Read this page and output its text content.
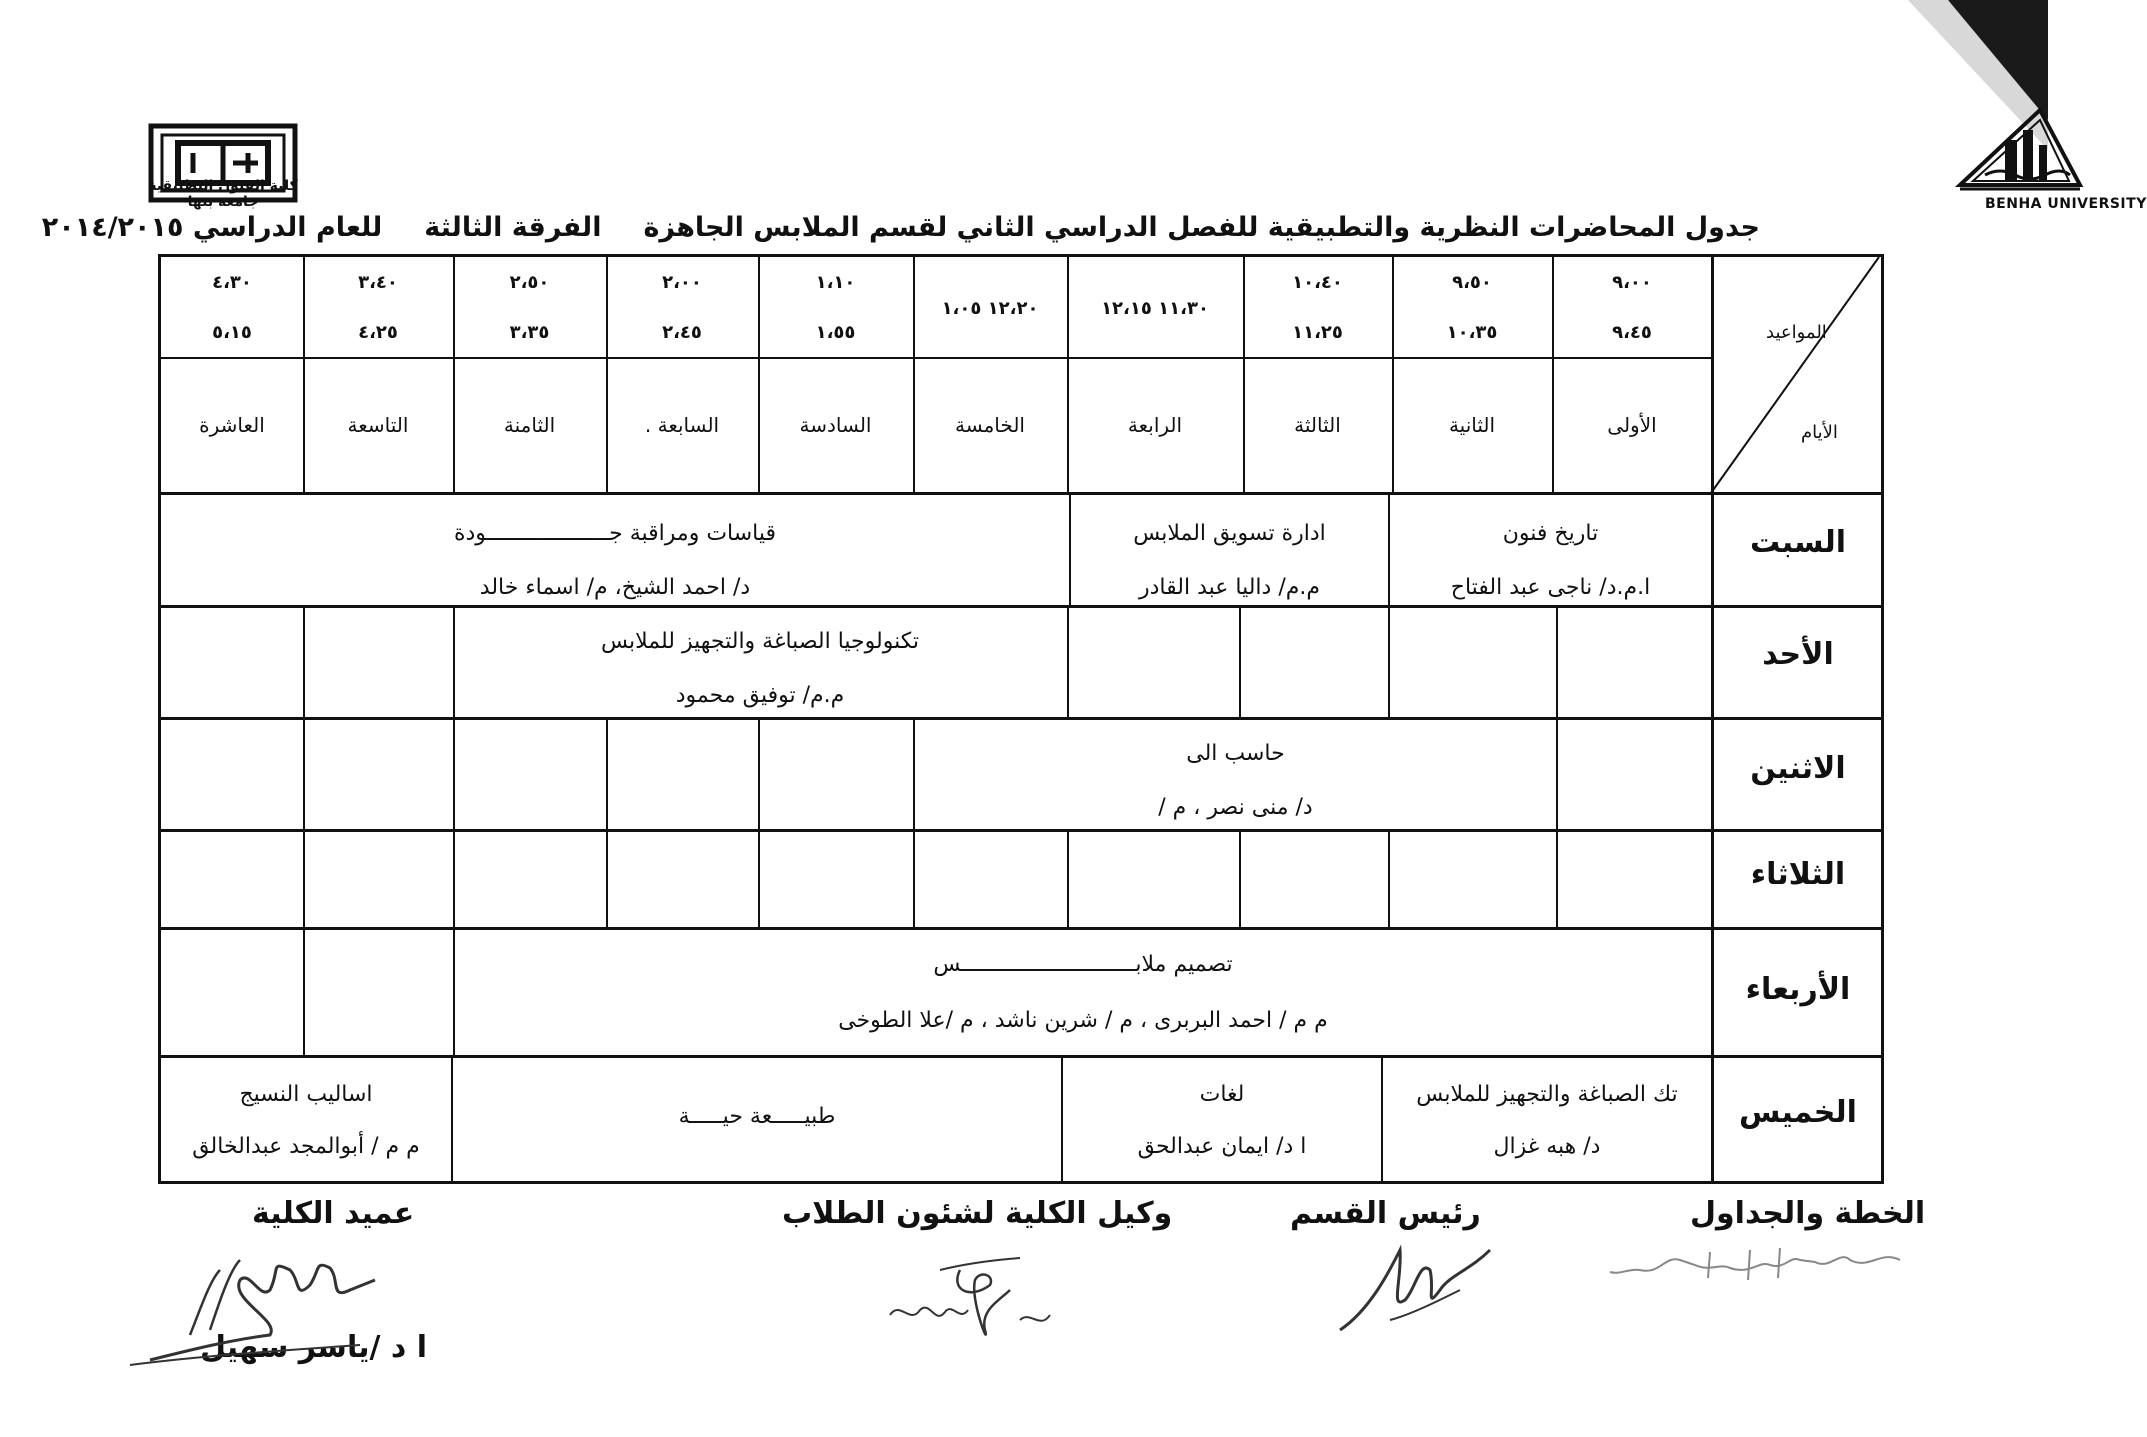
كلية الفنون التطبيقية
جامعة بنها	BENHA UNIVERSITY
جدول المحاضرات النظرية والتطبيقية للفصل الدراسي الثاني لقسم الملابس الجاهزةالفرقة الثالثةللعام الدراسي ٢٠١٤/٢٠١٥
المواعيد
الأيام
٩،٠٠
٩،٤٥
الأولى
٩،٥٠
١٠،٣٥
الثانية
١٠،٤٠
١١،٢٥
الثالثة
١١،٣٠ ١٢،١٥
الرابعة
١٢،٢٠ ١،٠٥
الخامسة
١،١٠
١،٥٥
السادسة
٢،٠٠
٢،٤٥
السابعة .
٢،٥٠
٣،٣٥
الثامنة
٣،٤٠
٤،٢٥
التاسعة
٤،٣٠
٥،١٥
العاشرة
السبت
الأحد
الاثنين
الثلاثاء
الأربعاء
الخميس
تاريخ فنون
ا.م.د/ ناجى عبد الفتاح
ادارة تسويق الملابس
م.م/ داليا عبد القادر
قياسات ومراقبة جـــــــــــــــــــودة
د/ احمد الشيخ، م/ اسماء خالد
تكنولوجيا الصباغة والتجهيز للملابس
م.م/ توفيق محمود
حاسب الى
د/ منى نصر ، م /
تصميم ملابـــــــــــــــــــــــــــس
م م / احمد البربرى ، م / شرين ناشد ، م /علا الطوخى
تك الصباغة والتجهيز للملابس
د/ هبه غزال
لغات
ا د/ ايمان عبدالحق
طبيـــــعة حيـــــة
اساليب النسيج
م م / أبوالمجد عبدالخالق
الخطة والجداول
رئيس القسم
وكيل الكلية لشئون الطلاب
عميد الكلية
ا د /ياسر سهيل
